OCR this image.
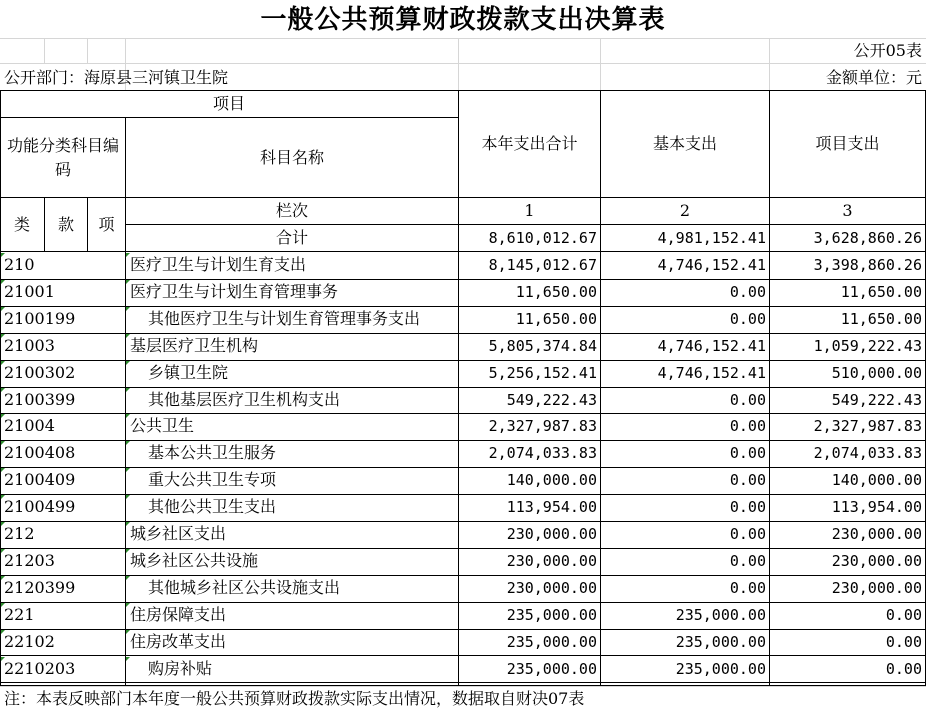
一般公共预算财政拨款支出决算表
公开05表
公开部门：海原县三河镇卫生院	金额单位：元
项目
功能分类科目编码
科目名称
本年支出合计	基本支出	项目支出
类	款	项
栏次	1	2	3
合计	8,610,012.67	4,981,152.41	3,628,860.26
210	医疗卫生与计划生育支出	8,145,012.67	4,746,152.41	3,398,860.26
21001	医疗卫生与计划生育管理事务	11,650.00	0.00	11,650.00
2100199	其他医疗卫生与计划生育管理事务支出	11,650.00	0.00	11,650.00
21003	基层医疗卫生机构	5,805,374.84	4,746,152.41	1,059,222.43
2100302	乡镇卫生院	5,256,152.41	4,746,152.41	510,000.00
2100399	其他基层医疗卫生机构支出	549,222.43	0.00	549,222.43
21004	公共卫生	2,327,987.83	0.00	2,327,987.83
2100408	基本公共卫生服务	2,074,033.83	0.00	2,074,033.83
2100409	重大公共卫生专项	140,000.00	0.00	140,000.00
2100499	其他公共卫生支出	113,954.00	0.00	113,954.00
212	城乡社区支出	230,000.00	0.00	230,000.00
21203	城乡社区公共设施	230,000.00	0.00	230,000.00
2120399	其他城乡社区公共设施支出	230,000.00	0.00	230,000.00
221	住房保障支出	235,000.00	235,000.00	0.00
22102	住房改革支出	235,000.00	235,000.00	0.00
2210203	购房补贴	235,000.00	235,000.00	0.00
注：本表反映部门本年度一般公共预算财政拨款实际支出情况，数据取自财决07表
